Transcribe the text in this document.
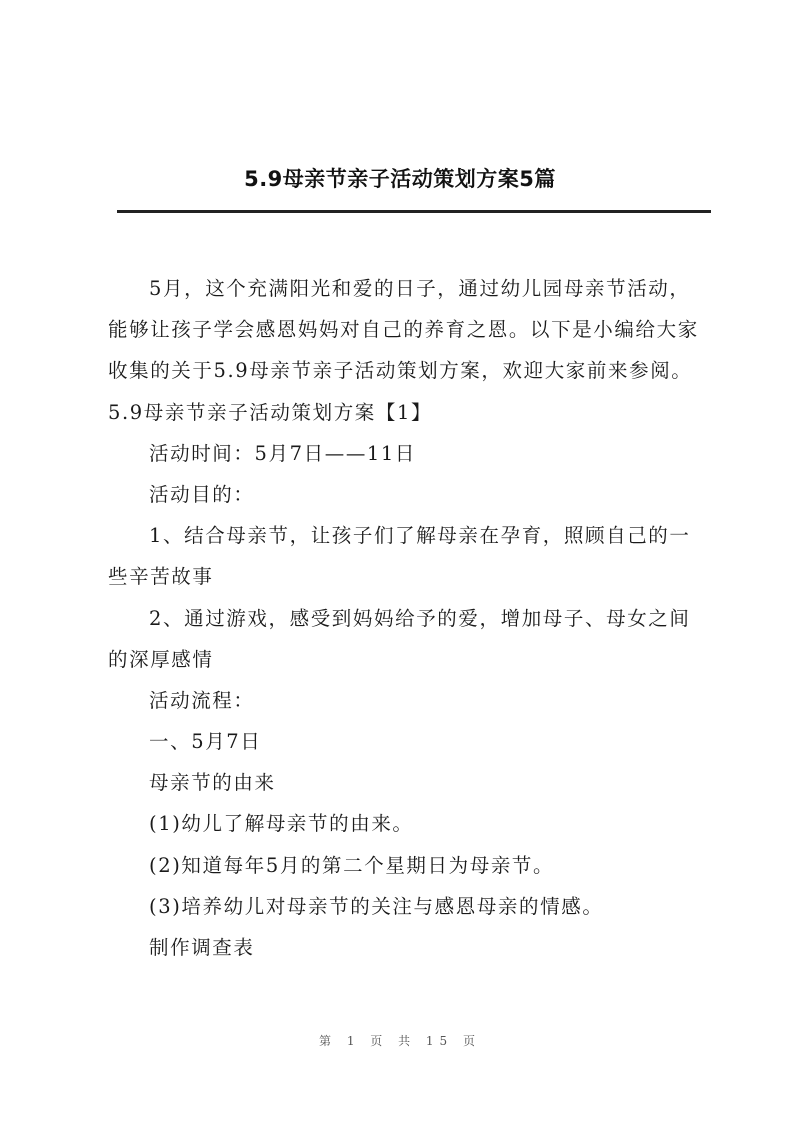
5.9母亲节亲子活动策划方案5篇
5月，这个充满阳光和爱的日子，通过幼儿园母亲节活动，
能够让孩子学会感恩妈妈对自己的养育之恩。以下是小编给大家
收集的关于5.9母亲节亲子活动策划方案，欢迎大家前来参阅。
5.9母亲节亲子活动策划方案【1】
活动时间：5月7日——11日
活动目的：
1、结合母亲节，让孩子们了解母亲在孕育，照顾自己的一
些辛苦故事
2、通过游戏，感受到妈妈给予的爱，增加母子、母女之间
的深厚感情
活动流程：
一、5月7日
母亲节的由来
(1)幼儿了解母亲节的由来。
(2)知道每年5月的第二个星期日为母亲节。
(3)培养幼儿对母亲节的关注与感恩母亲的情感。
制作调查表
第 1 页 共 15 页
